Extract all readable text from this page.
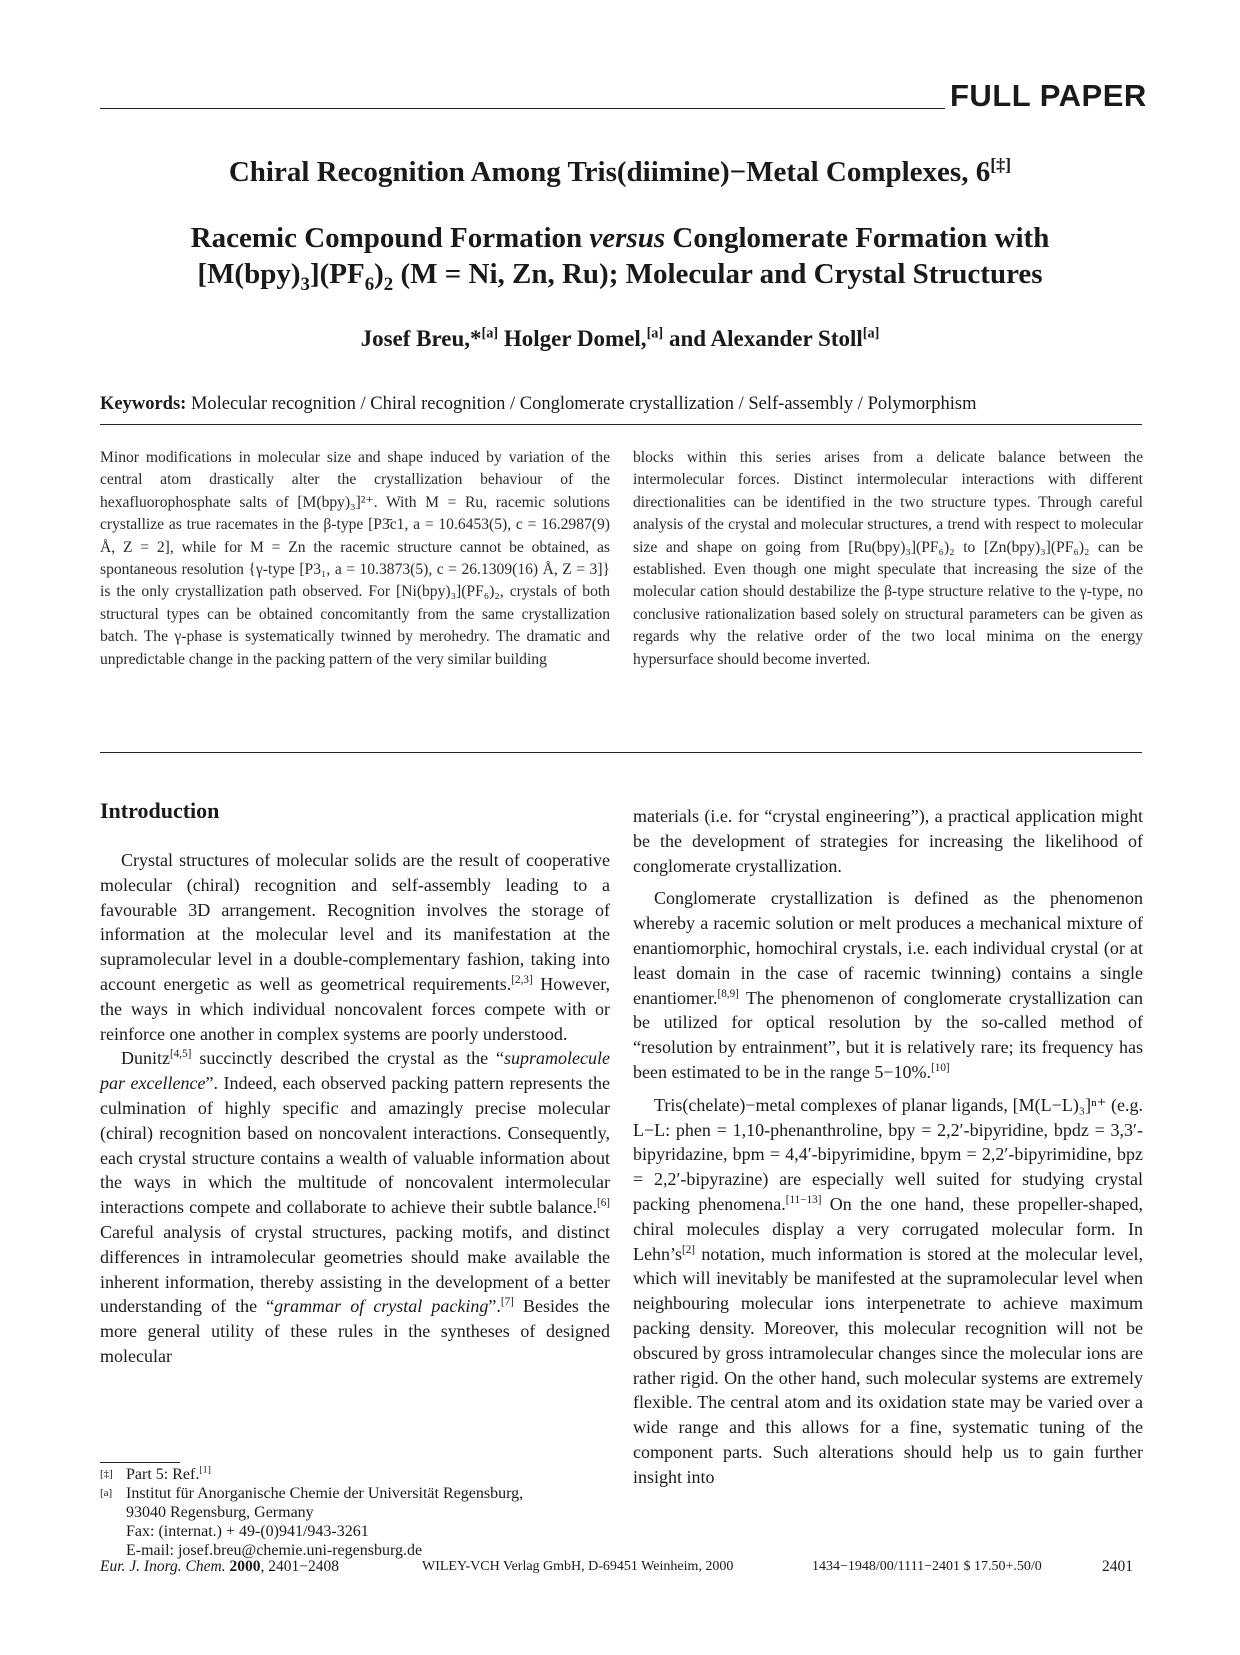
FULL PAPER
Chiral Recognition Among Tris(diimine)−Metal Complexes, 6[‡]
Racemic Compound Formation versus Conglomerate Formation with
$[M(bpy)_3](PF_6)_2$ (M = Ni, Zn, Ru); Molecular and Crystal Structures
Josef Breu,*[a] Holger Domel,[a] and Alexander Stoll[a]
Keywords: Molecular recognition / Chiral recognition / Conglomerate crystallization / Self-assembly / Polymorphism
Minor modifications in molecular size and shape induced by variation of the central atom drastically alter the crystallization behaviour of the hexafluorophosphate salts of [M(bpy)₃]²⁺. With M = Ru, racemic solutions crystallize as true racemates in the β-type [P3̄c1, a = 10.6453(5), c = 16.2987(9) Å, Z = 2], while for M = Zn the racemic structure cannot be obtained, as spontaneous resolution {γ-type [P3₁, a = 10.3873(5), c = 26.1309(16) Å, Z = 3]} is the only crystallization path observed. For [Ni(bpy)₃](PF₆)₂, crystals of both structural types can be obtained concomitantly from the same crystallization batch. The γ-phase is systematically twinned by merohedry. The dramatic and unpredictable change in the packing pattern of the very similar building
blocks within this series arises from a delicate balance between the intermolecular forces. Distinct intermolecular interactions with different directionalities can be identified in the two structure types. Through careful analysis of the crystal and molecular structures, a trend with respect to molecular size and shape on going from [Ru(bpy)₃](PF₆)₂ to [Zn(bpy)₃](PF₆)₂ can be established. Even though one might speculate that increasing the size of the molecular cation should destabilize the β-type structure relative to the γ-type, no conclusive rationalization based solely on structural parameters can be given as regards why the relative order of the two local minima on the energy hypersurface should become inverted.
Introduction

Crystal structures of molecular solids are the result of cooperative molecular (chiral) recognition and self-assembly leading to a favourable 3D arrangement. Recognition involves the storage of information at the molecular level and its manifestation at the supramolecular level in a double-complementary fashion, taking into account energetic as well as geometrical requirements.[2,3] However, the ways in which individual noncovalent forces compete with or reinforce one another in complex systems are poorly understood.

Dunitz[4,5] succinctly described the crystal as the “supramolecule par excellence”. Indeed, each observed packing pattern represents the culmination of highly specific and amazingly precise molecular (chiral) recognition based on noncovalent interactions. Consequently, each crystal structure contains a wealth of valuable information about the ways in which the multitude of noncovalent intermolecular interactions compete and collaborate to achieve their subtle balance.[6] Careful analysis of crystal structures, packing motifs, and distinct differences in intramolecular geometries should make available the inherent information, thereby assisting in the development of a better understanding of the “grammar of crystal packing”.[7] Besides the more general utility of these rules in the syntheses of designed molecular

materials (i.e. for “crystal engineering”), a practical application might be the development of strategies for increasing the likelihood of conglomerate crystallization.

Conglomerate crystallization is defined as the phenomenon whereby a racemic solution or melt produces a mechanical mixture of enantiomorphic, homochiral crystals, i.e. each individual crystal (or at least domain in the case of racemic twinning) contains a single enantiomer.[8,9] The phenomenon of conglomerate crystallization can be utilized for optical resolution by the so-called method of “resolution by entrainment”, but it is relatively rare; its frequency has been estimated to be in the range 5−10%.[10]

Tris(chelate)−metal complexes of planar ligands, [M(L−L)₃]ⁿ⁺ (e.g. L−L: phen = 1,10-phenanthroline, bpy = 2,2′-bipyridine, bpdz = 3,3′-bipyridazine, bpm = 4,4′-bipyrimidine, bpym = 2,2′-bipyrimidine, bpz = 2,2′-bipyrazine) are especially well suited for studying crystal packing phenomena.[11−13] On the one hand, these propeller-shaped, chiral molecules display a very corrugated molecular form. In Lehn’s[2] notation, much information is stored at the molecular level, which will inevitably be manifested at the supramolecular level when neighbouring molecular ions interpenetrate to achieve maximum packing density. Moreover, this molecular recognition will not be obscured by gross intramolecular changes since the molecular ions are rather rigid. On the other hand, such molecular systems are extremely flexible. The central atom and its oxidation state may be varied over a wide range and this allows for a fine, systematic tuning of the component parts. Such alterations should help us to gain further insight into

[‡] Part 5: Ref.[1]
[a] Institut für Anorganische Chemie der Universität Regensburg,
93040 Regensburg, Germany
Fax: (internat.) + 49-(0)941/943-3261
E-mail: josef.breu@chemie.uni-regensburg.de
Eur. J. Inorg. Chem. 2000, 2401−2408	WILEY-VCH Verlag GmbH, D-69451 Weinheim, 2000	1434−1948/00/1111−2401 $ 17.50+.50/0	2401
